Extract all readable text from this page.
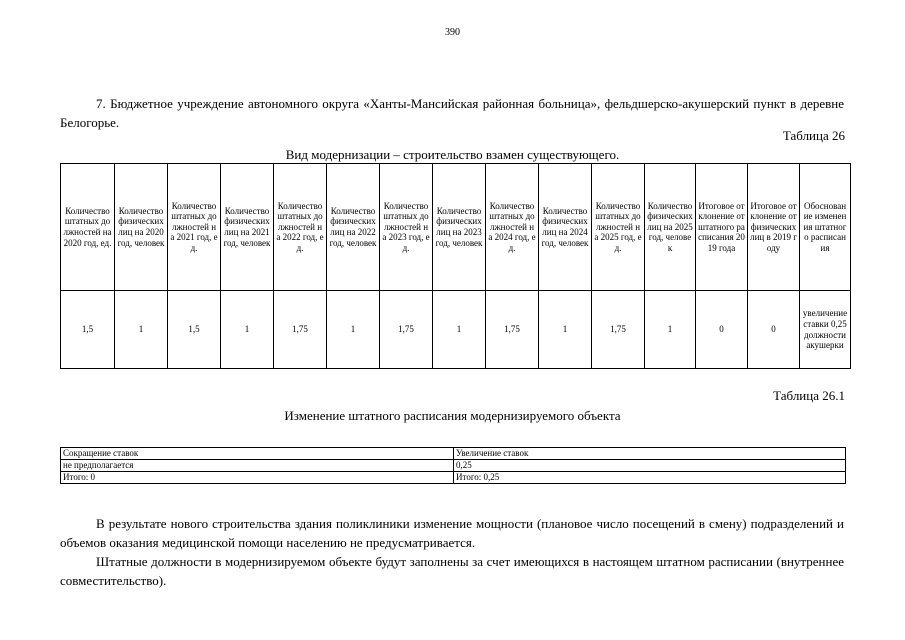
390

7. Бюджетное учреждение автономного округа «Ханты-Мансийская районная больница», фельдшерско-акушерский пункт в деревне Белогорье.

Таблица 26
Вид модернизации – строительство взамен существующего.
Количество штатных должностей на 2020 год, ед.	Количество физических лиц на 2020 год, человек	Количество штатных должностей на 2021 год, ед.	Количество физических лиц на 2021 год, человек	Количество штатных должностей на 2022 год, ед.	Количество физических лиц на 2022 год, человек	Количество штатных должностей на 2023 год, ед.	Количество физических лиц на 2023 год, человек	Количество штатных должностей на 2024 год, ед.	Количество физических лиц на 2024 год, человек	Количество штатных должностей на 2025 год, ед.	Количество физических лиц на 2025 год, человек	Итоговое отклонение от штатного расписания 2019 года	Итоговое отклонение от физических лиц в 2019 году	Обоснование изменения штатного расписания
1,5	1	1,5	1	1,75	1	1,75	1	1,75	1	1,75	1	0	0	увеличение ставки 0,25 должности акушерки
Таблица 26.1
Изменение штатного расписания модернизируемого объекта
Сокращение ставок	Увеличение ставок
не предполагается	0,25
Итого: 0	Итого: 0,25

В результате нового строительства здания поликлиники изменение мощности (плановое число посещений в смену) подразделений и объемов оказания медицинской помощи населению не предусматривается.

Штатные должности в модернизируемом объекте будут заполнены за счет имеющихся в настоящем штатном расписании (внутреннее совместительство).
